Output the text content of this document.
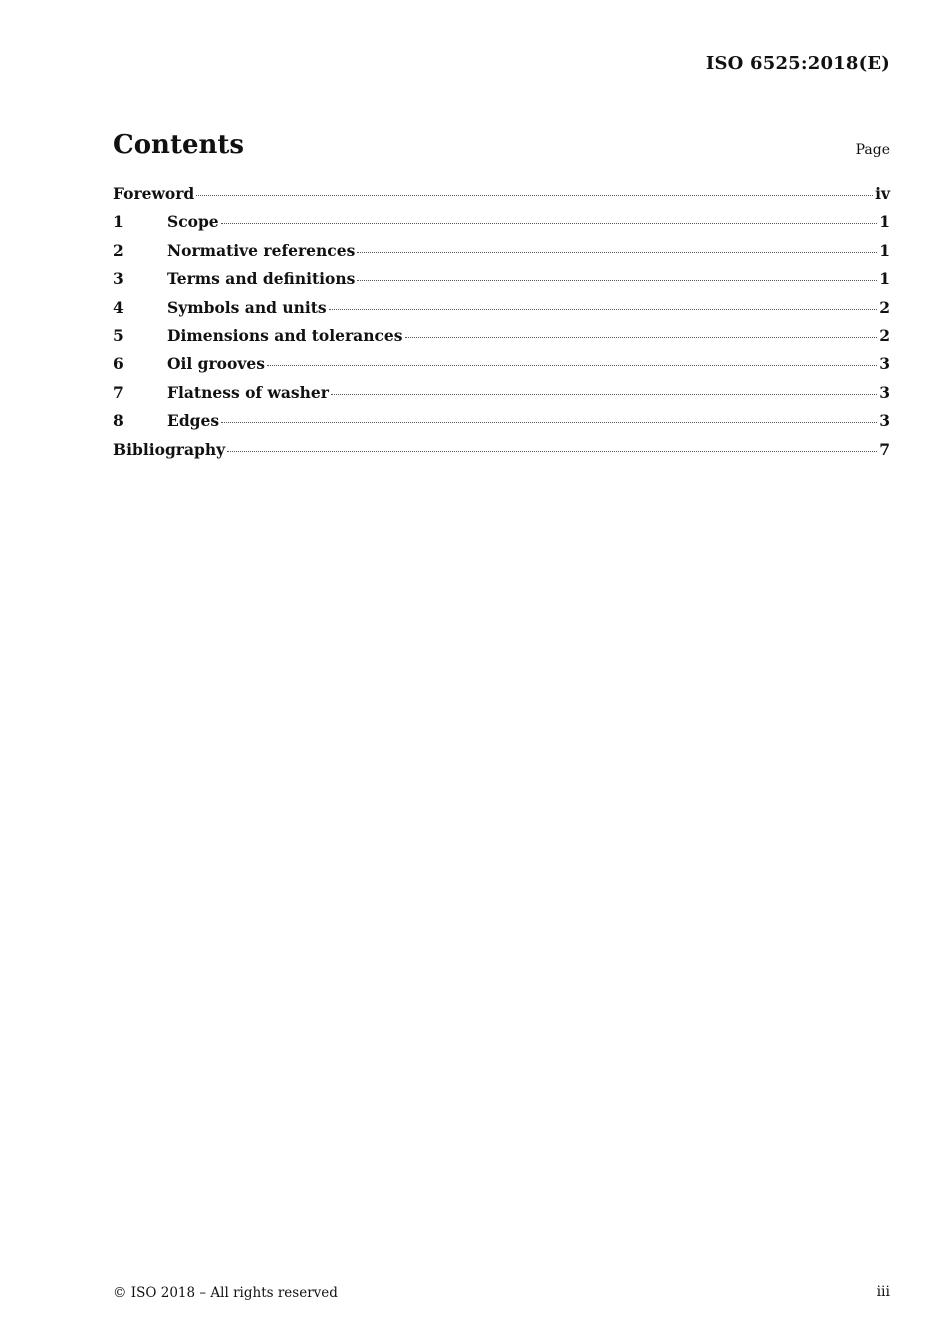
ISO 6525:2018(E)
Contents	Page
Foreword	iv
1	Scope	1
2	Normative references	1
3	Terms and definitions	1
4	Symbols and units	2
5	Dimensions and tolerances	2
6	Oil grooves	3
7	Flatness of washer	3
8	Edges	3
Bibliography	7
© ISO 2018 – All rights reserved	iii
